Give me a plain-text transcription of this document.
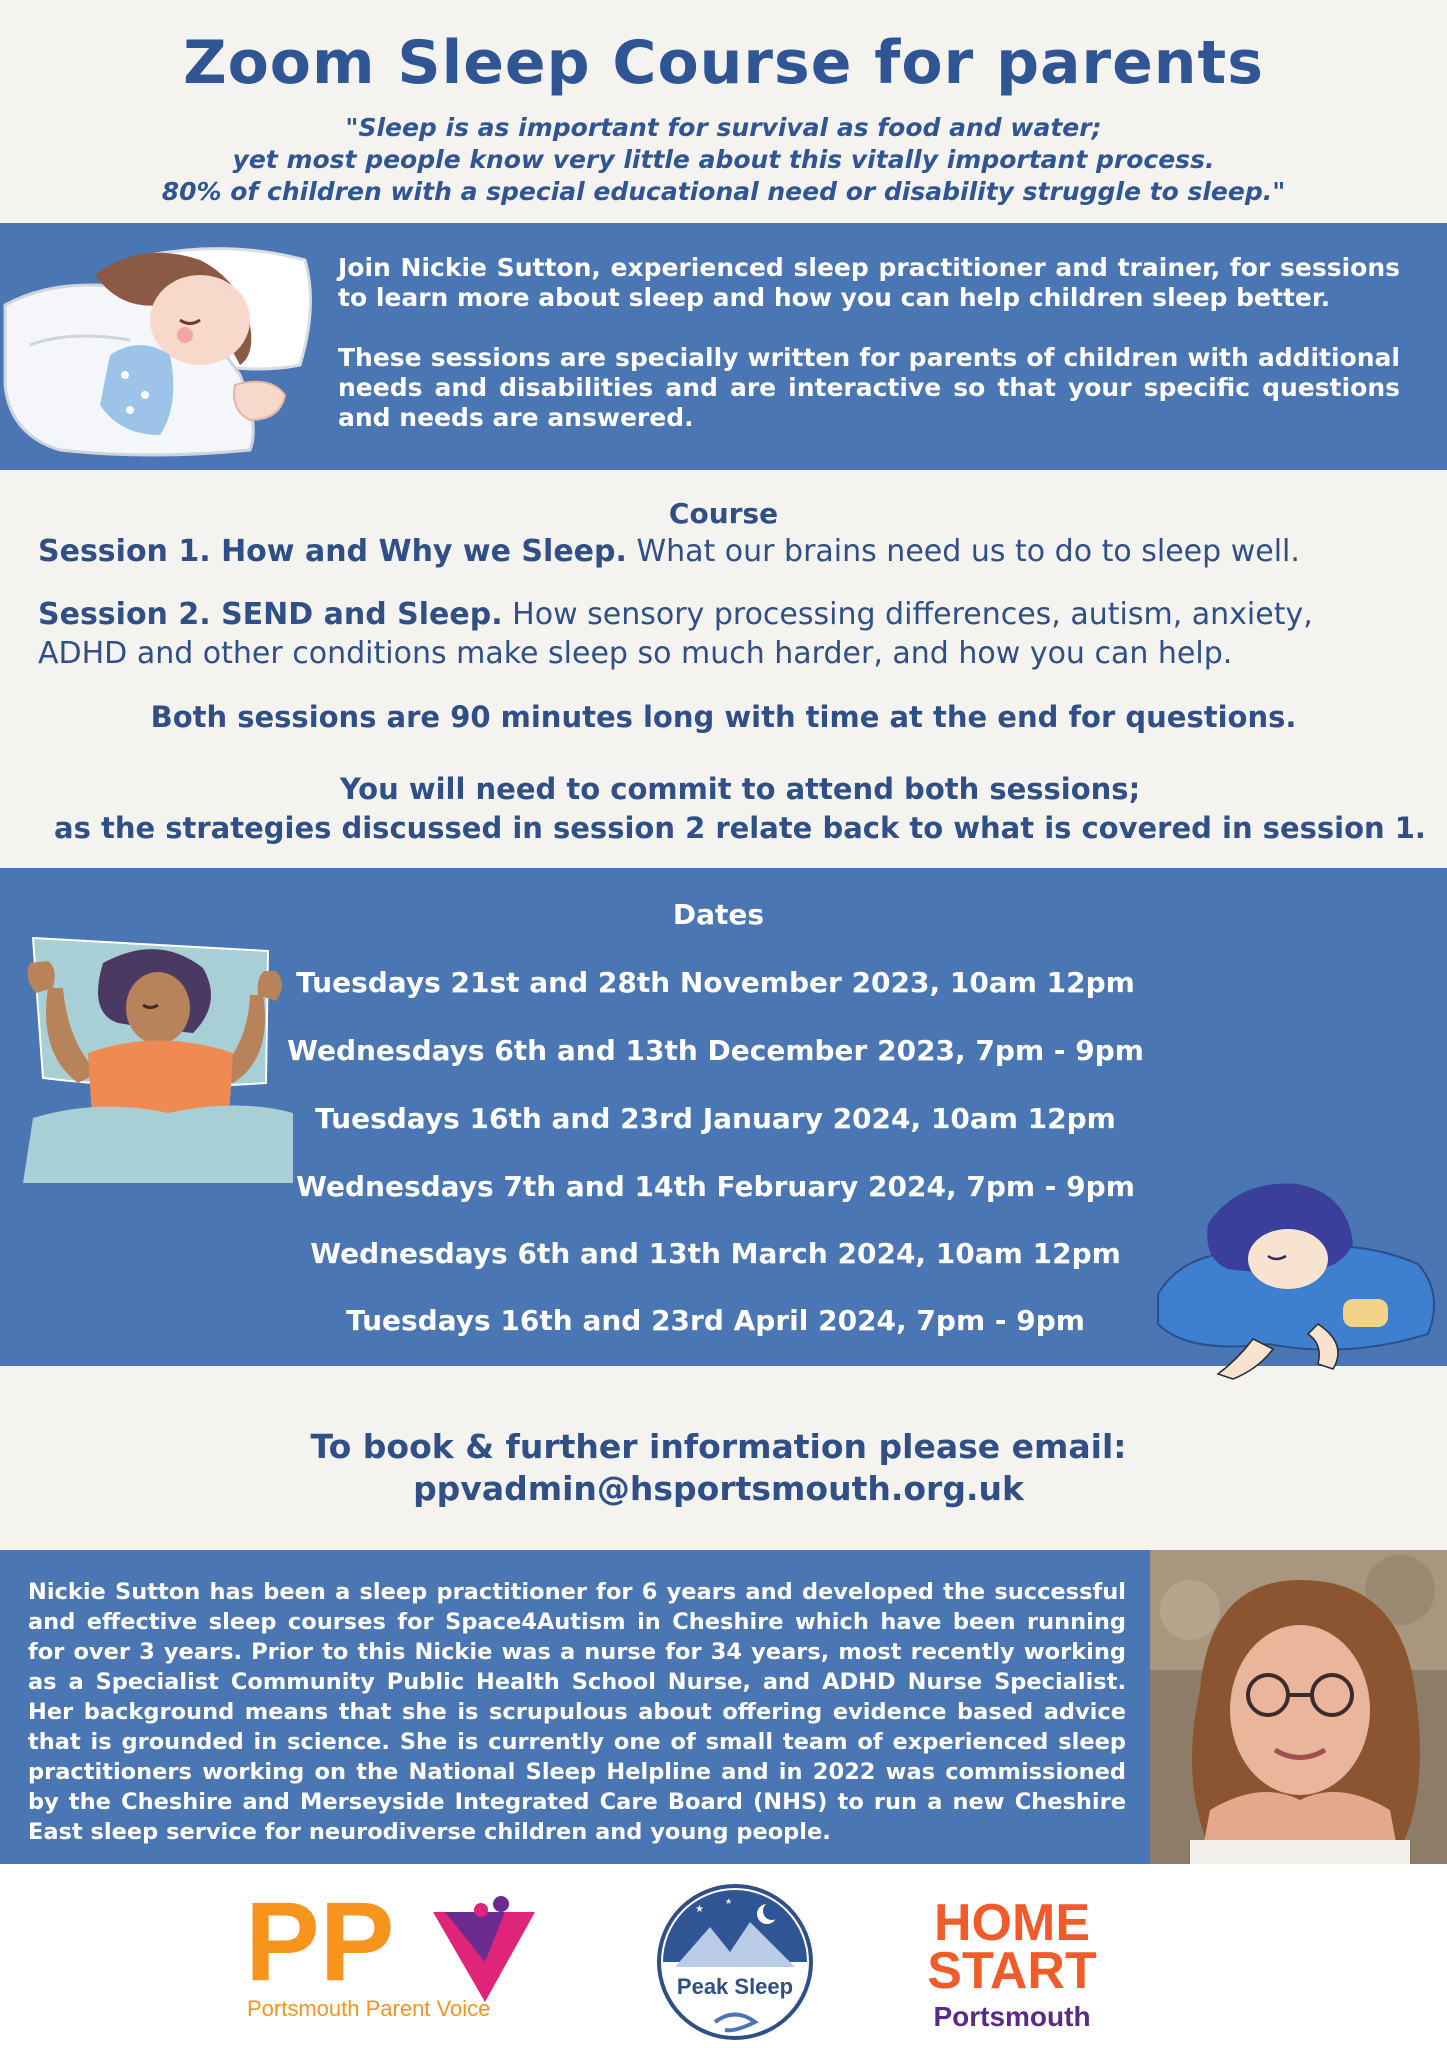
Zoom Sleep Course for parents
"Sleep is as important for survival as food and water;
yet most people know very little about this vitally important process.
80% of children with a special educational need or disability struggle to sleep."

Join Nickie Sutton, experienced sleep practitioner and trainer, for sessions to learn more about sleep and how you can help children sleep better.

These sessions are specially written for parents of children with additional needs and disabilities and are interactive so that your specific questions and needs are answered.

Course
Session 1. How and Why we Sleep. What our brains need us to do to sleep well.
Session 2. SEND and Sleep. How sensory processing differences, autism, anxiety, ADHD and other conditions make sleep so much harder, and how you can help.
Both sessions are 90 minutes long with time at the end for questions.
You will need to commit to attend both sessions;
as the strategies discussed in session 2 relate back to what is covered in session 1.
Dates
Tuesdays 21st and 28th November 2023, 10am 12pm
Wednesdays 6th and 13th December 2023, 7pm - 9pm
Tuesdays 16th and 23rd January 2024, 10am 12pm
Wednesdays 7th and 14th February 2024, 7pm - 9pm
Wednesdays 6th and 13th March 2024, 10am 12pm
Tuesdays 16th and 23rd April 2024, 7pm - 9pm
To book & further information please email:
ppvadmin@hsportsmouth.org.uk
Nickie Sutton has been a sleep practitioner for 6 years and developed the successful and effective sleep courses for Space4Autism in Cheshire which have been running for over 3 years. Prior to this Nickie was a nurse for 34 years, most recently working as a Specialist Community Public Health School Nurse, and ADHD Nurse Specialist. Her background means that she is scrupulous about offering evidence based advice that is grounded in science. She is currently one of small team of experienced sleep practitioners working on the National Sleep Helpline and in 2022 was commissioned by the Cheshire and Merseyside Integrated Care Board (NHS) to run a new Cheshire East sleep service for neurodiverse children and young people.
PP
Portsmouth Parent Voice
★
★
Peak Sleep
HOME
START
Portsmouth
